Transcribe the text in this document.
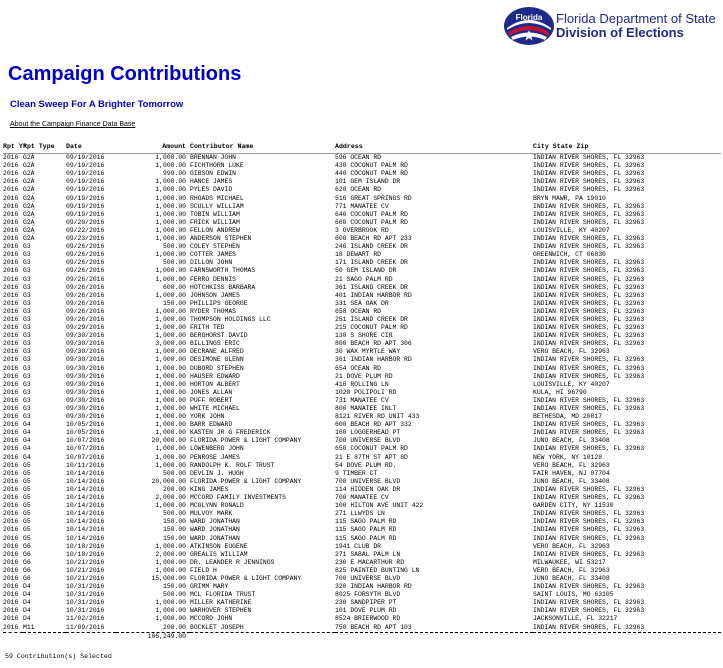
Florida Florida Department of State
Division of Elections
Campaign Contributions
Clean Sweep For A Brighter Tomorrow
About the Campaign Finance Data Base
Rpt Yr	Rpt Type	Date	Amount	Contributor Name	Address	City State Zip
2016	G2A	09/19/2016	1,000.00	BRENNAN JOHN	596 OCEAN RD	INDIAN RIVER SHORES, FL 32963
2016	G2A	09/19/2016	1,000.00	FICHTHORN LUKE	430 COCONUT PALM RD	INDIAN RIVER SHORES, FL 32963
2016	G2A	09/19/2016	999.00	GIBSON EDWIN	440 COCONUT PALM RD	INDIAN RIVER SHORES, FL 32963
2016	G2A	09/19/2016	1,000.00	HANCE JAMES	101 GEM ISLAND DR	INDIAN RIVER SHORES, FL 32963
2016	G2A	09/19/2016	1,000.00	PYLES DAVID	620 OCEAN RD	INDIAN RIVER SHORES, FL 32963
2016	G2A	09/19/2016	1,000.00	RHOADS MICHAEL	516 GREAT SPRINGS RD	BRYN MAWR, PA 19010
2016	G2A	09/19/2016	1,000.00	SCULLY WILLIAM	771 MANATEE CV	INDIAN RIVER SHORES, FL 32963
2016	G2A	09/19/2016	1,000.00	TOBIN WILLIAM	640 COCONUT PALM RD	INDIAN RIVER SHORES, FL 32963
2016	G2A	09/20/2016	1,000.00	FRICK WILLIAM	660 COCONUT PALM RD	INDIAN RIVER SHORES, FL 32963
2016	G2A	09/22/2016	1,000.00	FELLON ANDREW	3 OVERBROOK RD	LOUISVILLE, KY 40207
2016	G2A	09/23/2016	1,000.00	ANDERSON STEPHEN	600 BEACH RD APT 233	INDIAN RIVER SHORES, FL 32963
2016	G3	09/26/2016	500.00	COLEY STEPHEN	246 ISLAND CREEK DR	INDIAN RIVER SHORES, FL 32963
2016	G3	09/26/2016	1,000.00	COTTER JAMES	18 DEWART RD	GREENWICH, CT 06830
2016	G3	09/26/2016	500.00	DILLON JOHN	171 ISLAND CREEK DR	INDIAN RIVER SHORES, FL 32963
2016	G3	09/26/2016	1,000.00	FARNSWORTH THOMAS	50 GEM ISLAND DR	INDIAN RIVER SHORES, FL 32963
2016	G3	09/26/2016	1,000.00	FERRO DENNIS	21 SAGO PALM RD	INDIAN RIVER SHORES, FL 32963
2016	G3	09/26/2016	600.00	HOTCHKISS BARBARA	361 ISLAND CREEK DR	INDIAN RIVER SHORES, FL 32963
2016	G3	09/26/2016	1,000.00	JOHNSON JAMES	401 INDIAN HARBOR RD	INDIAN RIVER SHORES, FL 32963
2016	G3	09/26/2016	150.00	PHILLIPS GEORGE	331 SEA OAK DR	INDIAN RIVER SHORES, FL 32963
2016	G3	09/26/2016	1,000.00	RYDER THOMAS	658 OCEAN RD	INDIAN RIVER SHORES, FL 32963
2016	G3	09/26/2016	1,000.00	THOMPSON HOLDINGS LLC	251 ISLAND CREEK DR	INDIAN RIVER SHORES, FL 32963
2016	G3	09/29/2016	1,000.00	FRITH TED	215 COCONUT PALM RD	INDIAN RIVER SHORES, FL 32963
2016	G3	09/30/2016	1,000.00	BERGHORST DAVID	130 S SHORE CIR	INDIAN RIVER SHORES, FL 32963
2016	G3	09/30/2016	3,000.00	BILLINGS ERIC	800 BEACH RD APT 306	INDIAN RIVER SHORES, FL 32963
2016	G3	09/30/2016	1,000.00	DECRANE ALFRED	30 WAX MYRTLE WAY	VERO BEACH, FL 32963
2016	G3	09/30/2016	1,000.00	DESIMONE GLENN	361 INDIAN HARBOR RD	INDIAN RIVER SHORES, FL 32963
2016	G3	09/30/2016	1,000.00	DUBORD STEPHEN	654 OCEAN RD	INDIAN RIVER SHORES, FL 32963
2016	G3	09/30/2016	1,000.00	HAUSER EDWARD	21 DOVE PLUM RD	INDIAN RIVER SHORES, FL 32963
2016	G3	09/30/2016	1,000.00	HORTON ALBERT	416 ROLLING LN	LOUISVILLE, KY 40207
2016	G3	09/30/2016	1,000.00	JONES ALLAN	1020 POLIPOLI RD	KULA, HI 96790
2016	G3	09/30/2016	1,000.00	PUFF ROBERT	731 MANATEE CV	INDIAN RIVER SHORES, FL 32963
2016	G3	09/30/2016	1,000.00	WHITE MICHAEL	800 MANATEE INLT	INDIAN RIVER SHORES, FL 32963
2016	G3	09/30/2016	1,000.00	YORK JOHN	8121 RIVER RD UNIT 433	BETHESDA, MD 20817
2016	G4	10/05/2016	1,000.00	BARR EDWARD	600 BEACH RD APT 332	INDIAN RIVER SHORES, FL 32963
2016	G4	10/05/2016	1,000.00	KASTEN JR G FREDERICK	160 LOGGERHEAD PT	INDIAN RIVER SHORES, FL 32963
2016	G4	10/07/2016	20,000.00	FLORIDA POWER & LIGHT COMPANY	700 UNIVERSE BLVD	JUNO BEACH, FL 33408
2016	G4	10/07/2016	1,000.00	LOWENBERG JOHN	650 COCONUT PALM RD	INDIAN RIVER SHORES, FL 32963
2016	G4	10/07/2016	1,000.00	PENROSE JAMES	21 E 87TH ST APT 8D	NEW YORK, NY 10128
2016	G5	10/11/2016	1,000.00	RANDOLPH K. ROLF TRUST	54 DOVE PLUM RD.	VERO BEACH, FL 32963
2016	G5	10/14/2016	500.00	DEVLIN J. HUGH	9 TIMBER CT	FAIR HAVEN, NJ 07704
2016	G5	10/14/2016	20,000.00	FLORIDA POWER & LIGHT COMPANY	700 UNIVERSE BLVD	JUNO BEACH, FL 33408
2016	G5	10/14/2016	200.00	KING JAMES	114 HIDDEN OAK DR	INDIAN RIVER SHORES, FL 32963
2016	G5	10/14/2016	2,000.00	MCCORD FAMILY INVESTMENTS	700 MANATEE CV	INDIAN RIVER SHORES, FL 32963
2016	G5	10/14/2016	1,000.00	MCGLYNN RONALD	100 HILTON AVE UNIT 422	GARDEN CITY, NY 11530
2016	G5	10/14/2016	500.00	MULVOY MARK	271 LLWYDS LN	INDIAN RIVER SHORES, FL 32963
2016	G5	10/14/2016	150.00	WARD JONATHAN	115 SAGO PALM RD	INDIAN RIVER SHORES, FL 32963
2016	G5	10/14/2016	150.00	WARD JONATHAN	115 SAGO PALM RD	INDIAN RIVER SHORES, FL 32963
2016	G5	10/14/2016	150.00	WARD JONATHAN	115 SAGO PALM RD	INDIAN RIVER SHORES, FL 32963
2016	G6	10/18/2016	1,000.00	ATKINSON EUGENE	1941 CLUB DR	VERO BEACH, FL 32963
2016	G6	10/18/2016	2,000.00	GREALIS WILLIAM	271 SABAL PALM LN	INDIAN RIVER SHORES, FL 32963
2016	G6	10/21/2016	1,000.00	DR. LEANDER R JENNINGS	230 E MACARTHUR RD	MILWAUKEE, WI 53217
2016	G6	10/21/2016	1,000.00	FIELD H	825 PAINTED BUNTING LN	VERO BEACH, FL 32963
2016	G6	10/21/2016	15,000.00	FLORIDA POWER & LIGHT COMPANY	700 UNIVERSE BLVD	JUNO BEACH, FL 33408
2016	D4	10/31/2016	150.00	GRIMM MARY	320 INDIAN HARBOR RD	INDIAN RIVER SHORES, FL 32963
2016	D4	10/31/2016	500.00	MCL FLORIDA TRUST	8025 FORSYTH BLVD	SAINT LOUIS, MO 63105
2016	D4	10/31/2016	1,000.00	MILLER KATHERINE	230 SANDPIPER PT	INDIAN RIVER SHORES, FL 32963
2016	D4	10/31/2016	1,000.00	WARHOVER STEPHEN	101 DOVE PLUM RD	INDIAN RIVER SHORES, FL 32963
2016	D4	11/02/2016	1,000.00	MCCORD JOHN	8524 BRIERWOOD RD	JACKSONVILLE, FL 32217
2016	M11	11/09/2016	200.00	BOCKLET JOSEPH	750 BEACH RD APT 103	INDIAN RIVER SHORES, FL 32963
			106,249.00			
59 Contribution(s) Selected
